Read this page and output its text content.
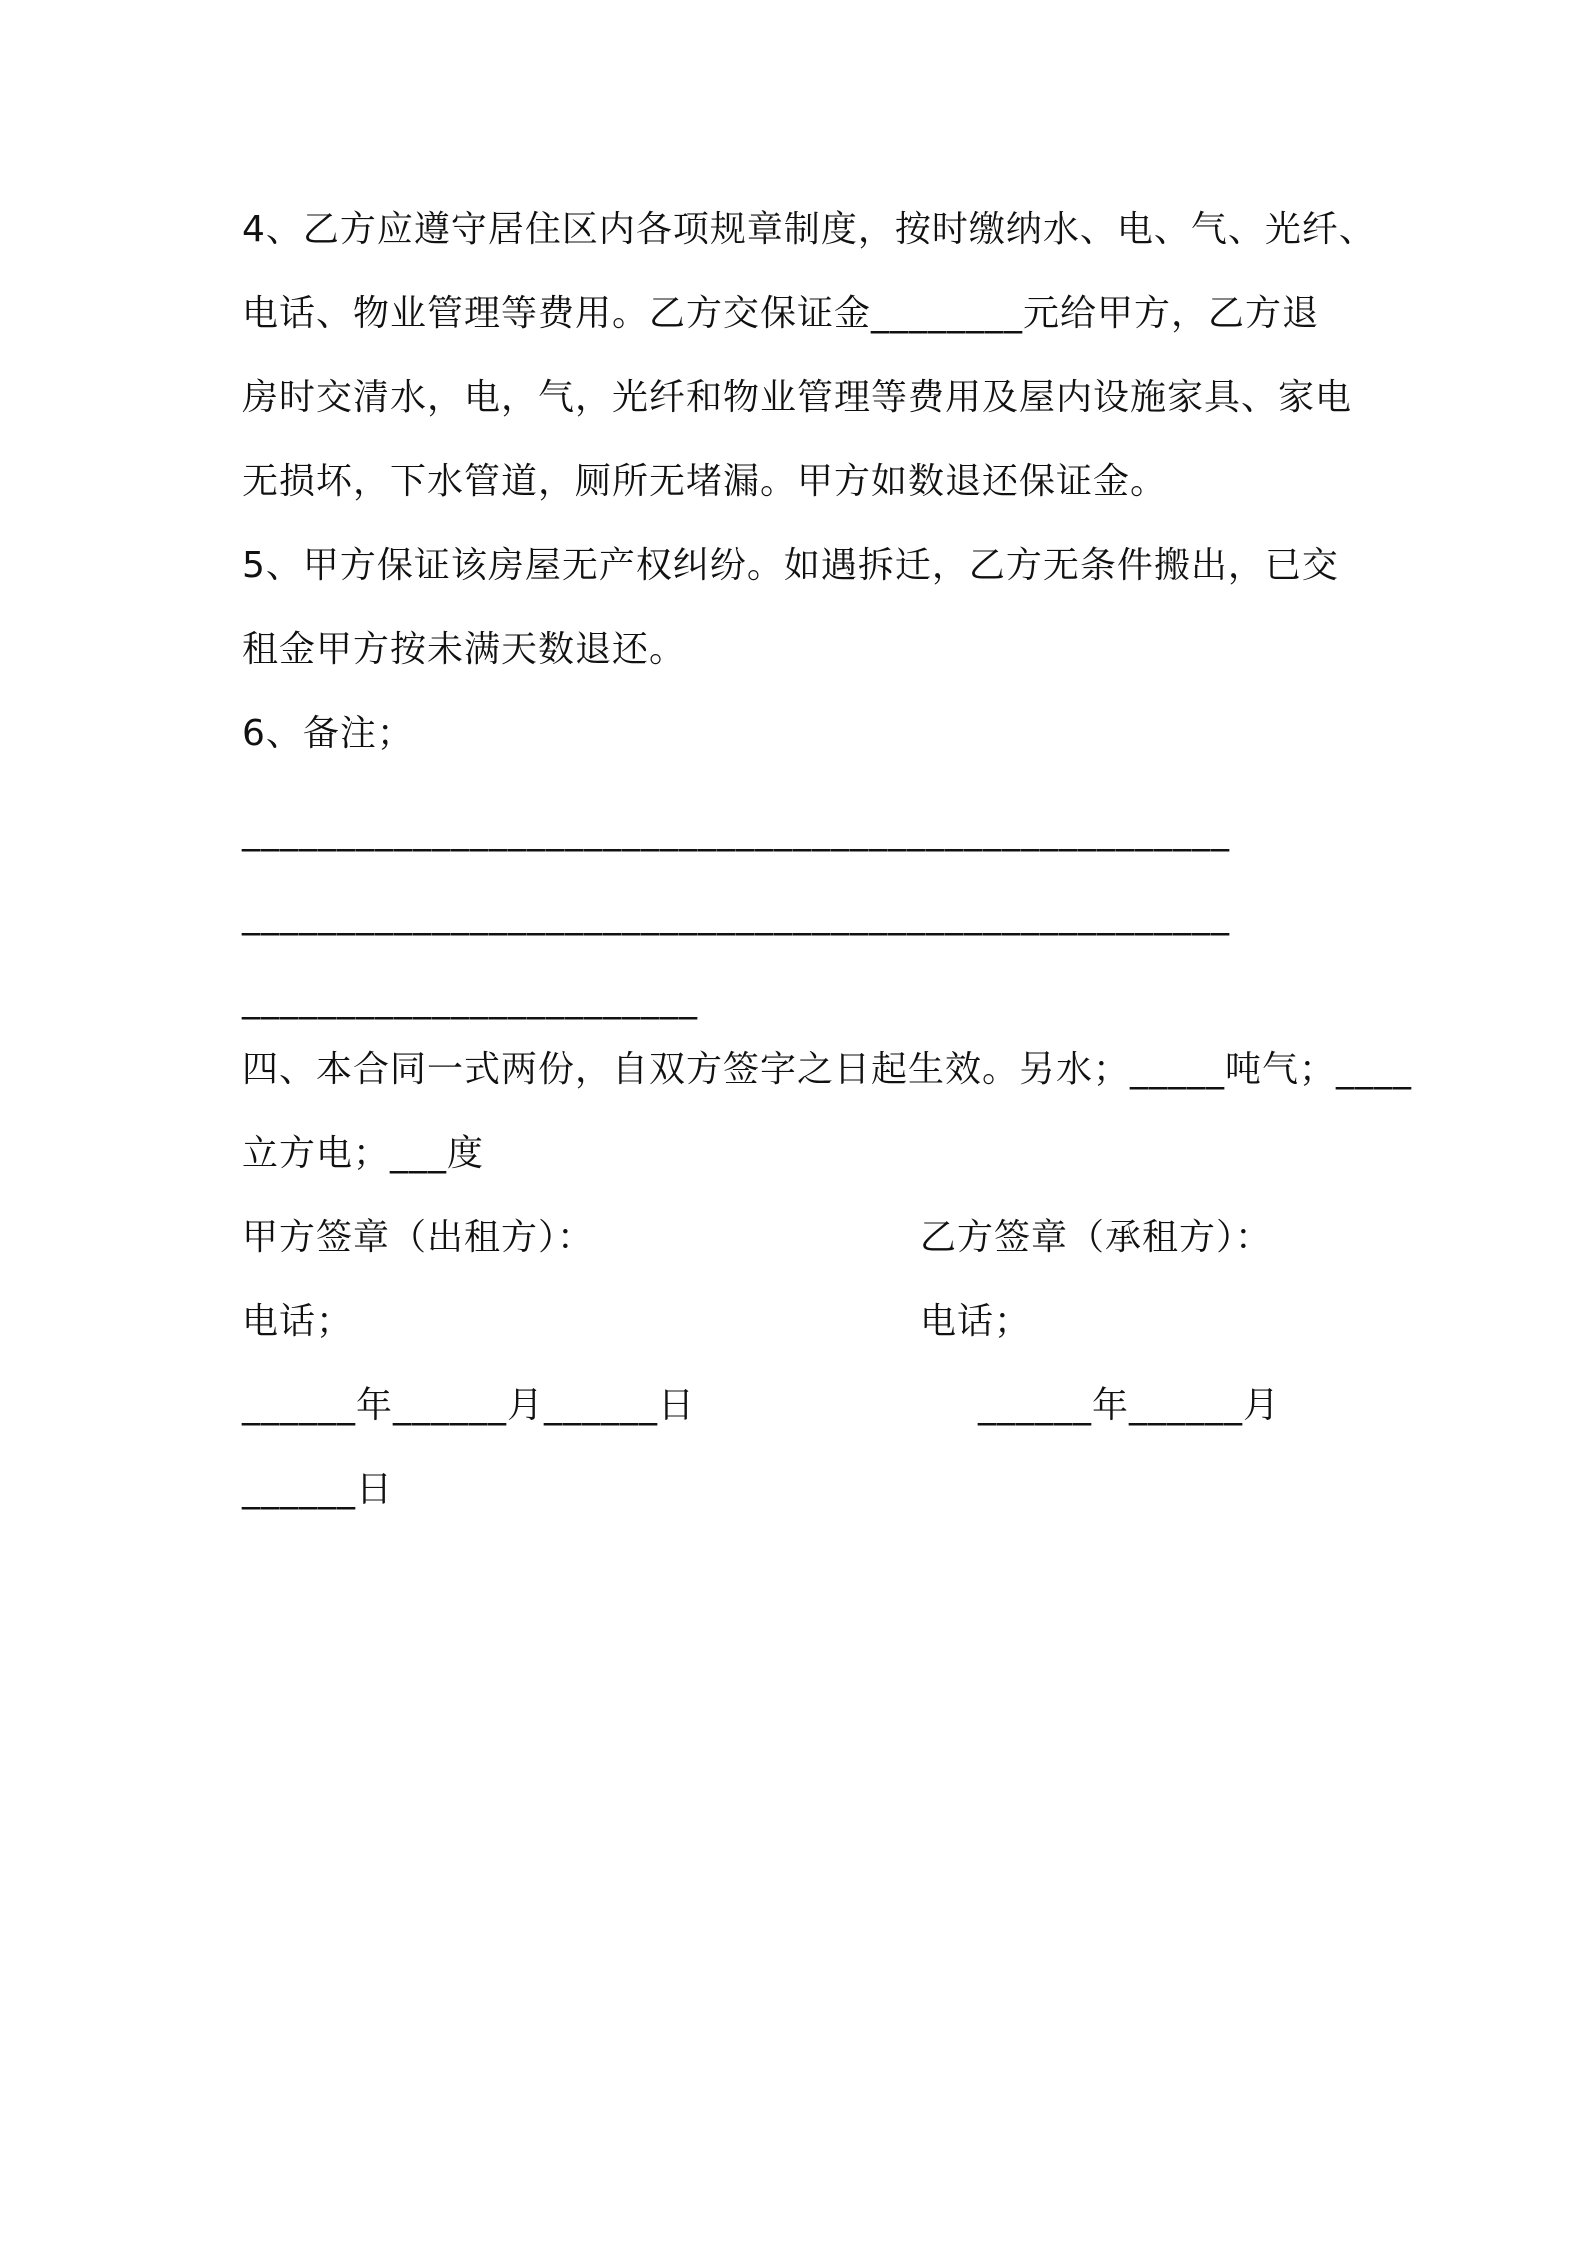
4、乙方应遵守居住区内各项规章制度，按时缴纳水、电、气、光纤、
电话、物业管理等费用。乙方交保证金________元给甲方，乙方退
房时交清水，电，气，光纤和物业管理等费用及屋内设施家具、家电
无损坏，下水管道，厕所无堵漏。甲方如数退还保证金。
5、甲方保证该房屋无产权纠纷。如遇拆迁，乙方无条件搬出，已交
租金甲方按未满天数退还。
6、备注；
____________________________________________________
____________________________________________________
________________________
四、本合同一式两份，自双方签字之日起生效。另水；_____吨气；____
立方电；___度
甲方签章（出租方）：	乙方签章（承租方）：
电话；	电话；
______年______月______日	______年______月
______日
